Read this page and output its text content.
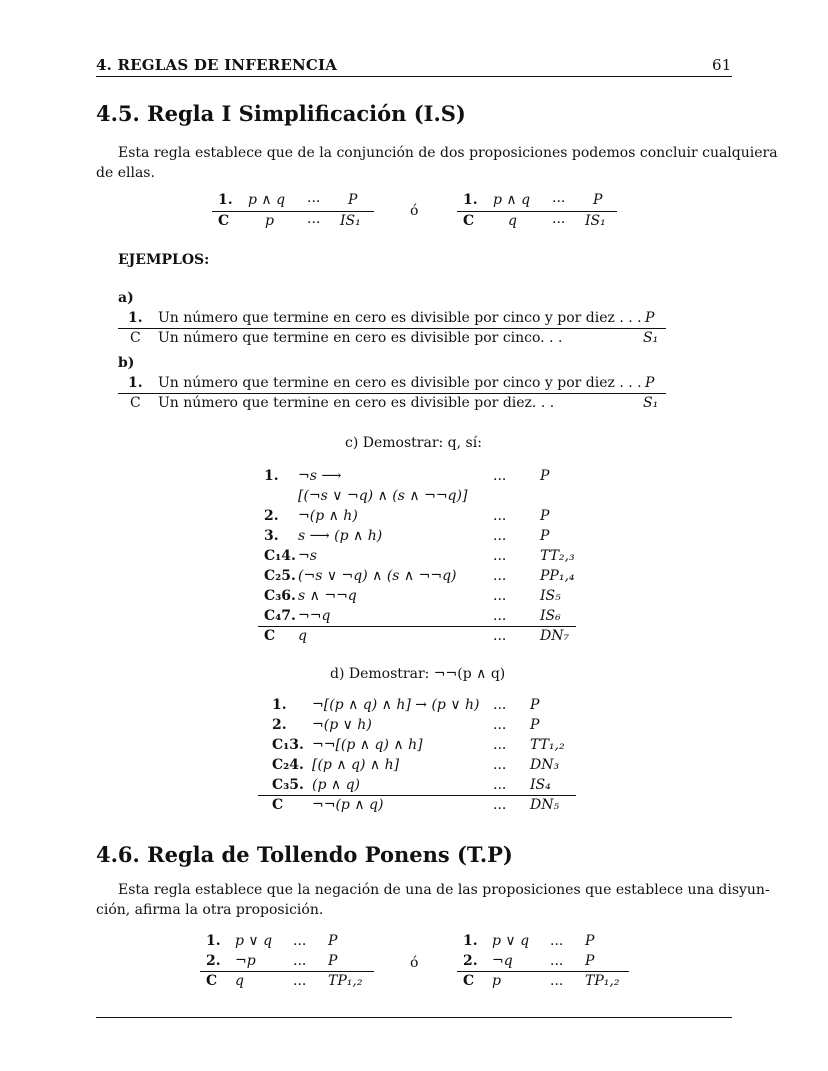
4. REGLAS DE INFERENCIA	61
4.5. Regla I Simplificación (I.S)
Esta regla establece que de la conjunción de dos proposiciones podemos concluir cualquiera
de ellas.
1. p ∧ q ... P
C	p ... IS₁
ó
1. p ∧ q ... P
C q	... IS₁
EJEMPLOS:
a)
1. Un número que termine en cero es divisible por cinco y por diez . . . P
C Un número que termine en cero es divisible por cinco. . .	S₁
b)
1. Un número que termine en cero es divisible por cinco y por diez . . . P
C Un número que termine en cero es divisible por diez. . .	S₁
c) Demostrar: q, sí:
1. ¬s ⟶	... P
[(¬s ∨ ¬q) ∧ (s ∧ ¬¬q)]
2. ¬(p ∧ h)	... P
3. s ⟶ (p ∧ h)	... P
C₁4. ¬s	... TT₂,₃
C₂5. (¬s ∨ ¬q) ∧ (s ∧ ¬¬q)	... PP₁,₄
C₃6. s ∧ ¬¬q	... IS₅
C₄7. ¬¬q	... IS₆
C q	... DN₇
d) Demostrar: ¬¬(p ∧ q)
1. ¬[(p ∧ q) ∧ h] → (p ∨ h) ... P
2. ¬(p ∨ h)	... P
C₁3. ¬¬[(p ∧ q) ∧ h]	... TT₁,₂
C₂4. [(p ∧ q) ∧ h]	... DN₃
C₃5. (p ∧ q)	... IS₄
C ¬¬(p ∧ q)	... DN₅
4.6. Regla de Tollendo Ponens (T.P)
Esta regla establece que la negación de una de las proposiciones que establece una disyun-
ción, afirma la otra proposición.
1. p ∨ q ... P
2. ¬p	... P
C q	... TP₁,₂
ó
1. p ∨ q ... P
2. ¬q	... P
C p	... TP₁,₂
